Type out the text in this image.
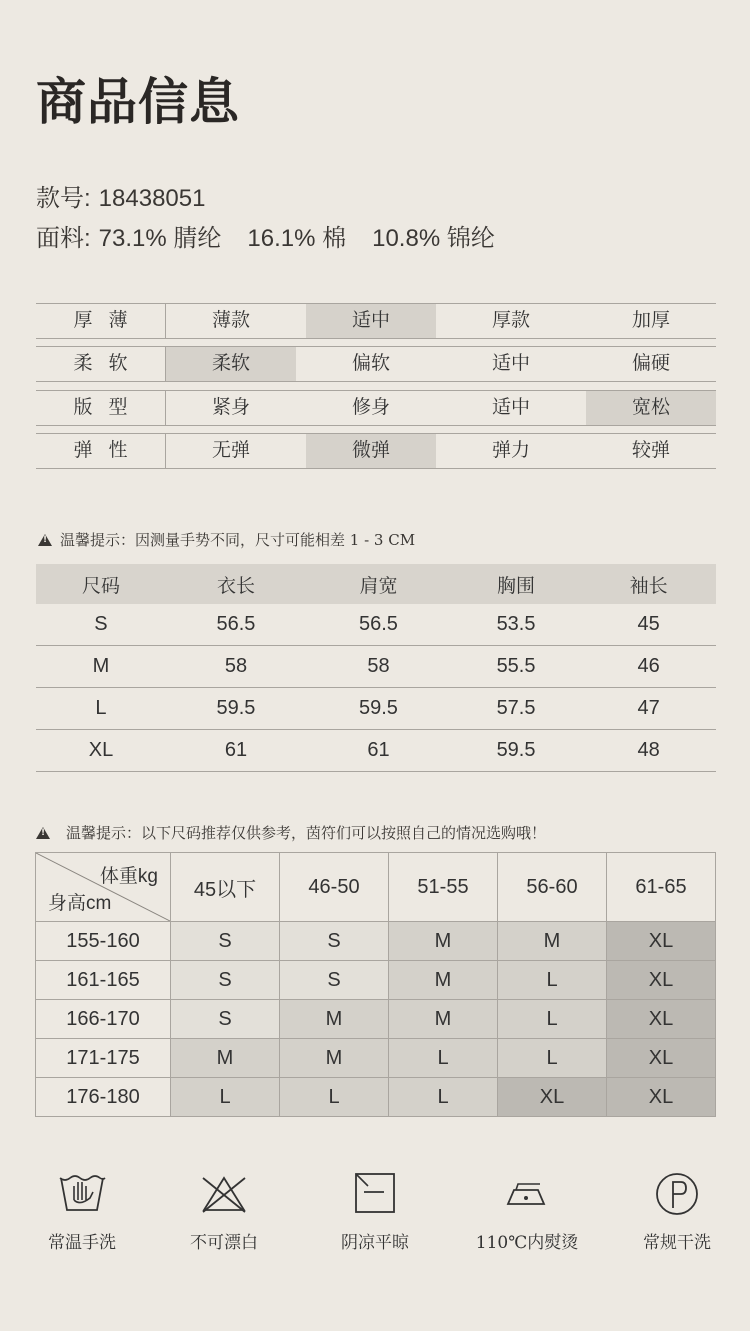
商品信息
款号: 18438051
面料: 73.1% 腈纶 16.1% 棉 10.8% 锦纶
厚薄	薄款	适中	厚款	加厚
柔软	柔软	偏软	适中	偏硬
版型	紧身	修身	适中	宽松
弹性	无弹	微弹	弹力	较弹
!温馨提示：因测量手势不同，尺寸可能相差 1 - 3 CM
尺码	衣长	肩宽	胸围	袖长
S	56.5	56.5	53.5	45
M	58	58	55.5	46
L	59.5	59.5	57.5	47
XL	61	61	59.5	48
!温馨提示：以下尺码推荐仅供参考，茵符们可以按照自己的情况选购哦！
体重kg
身高cm	45以下	46-50	51-55	56-60	61-65
155-160	S	S	M	M	XL
161-165	S	S	M	L	XL
166-170	S	M	M	L	XL
171-175	M	M	L	L	XL
176-180	L	L	L	XL	XL
常温手洗	不可漂白	阴凉平晾	110℃内熨烫	常规干洗
